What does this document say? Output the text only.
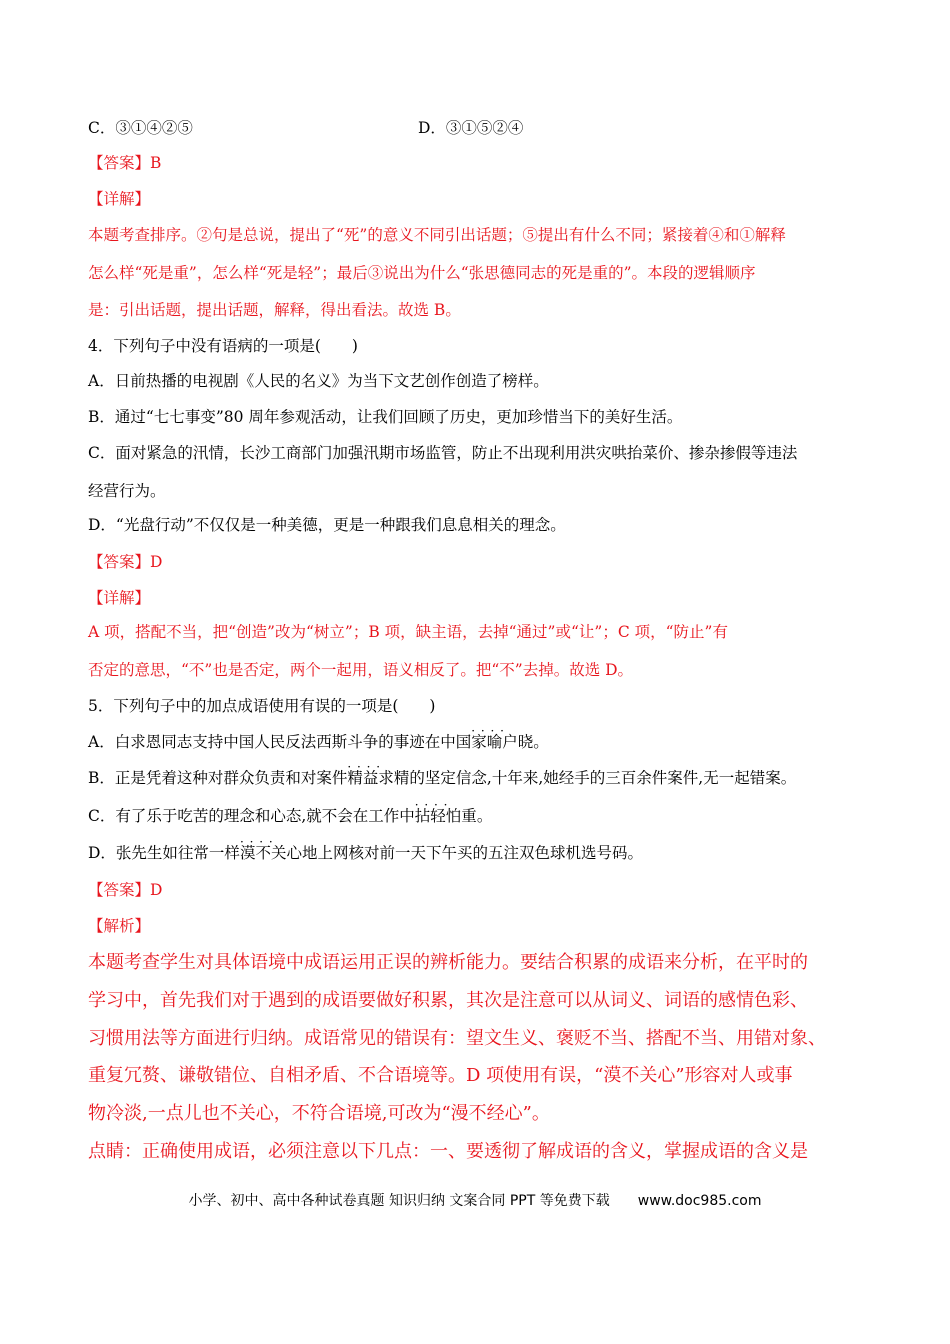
C．③①④②⑤	D．③①⑤②④
【答案】B
【详解】
本题考查排序。②句是总说，提出了“死”的意义不同引出话题；⑤提出有什么不同；紧接着④和①解释
怎么样“死是重”，怎么样“死是轻”；最后③说出为什么“张思德同志的死是重的”。本段的逻辑顺序
是：引出话题，提出话题，解释，得出看法。故选 B。
4．下列句子中没有语病的一项是(　　)
A．日前热播的电视剧《人民的名义》为当下文艺创作创造了榜样。
B．通过“七七事变”80 周年参观活动，让我们回顾了历史，更加珍惜当下的美好生活。
C．面对紧急的汛情，长沙工商部门加强汛期市场监管，防止不出现利用洪灾哄抬菜价、掺杂掺假等违法
经营行为。
D．“光盘行动”不仅仅是一种美德，更是一种跟我们息息相关的理念。
【答案】D
【详解】
A 项，搭配不当，把“创造”改为“树立”；B 项，缺主语，去掉“通过”或“让”；C 项，“防止”有
否定的意思，“不”也是否定，两个一起用，语义相反了。把“不”去掉。故选 D。
5．下列句子中的加点成语使用有误的一项是(　　)
A．白求恩同志支持中国人民反法西斯斗争的事迹在中国· · · · 家喻户晓。
B．正是凭着这种对群众负责和对案件· · · · 精益求精的坚定信念,十年来,她经手的三百余件案件,无一起错案。
C．有了乐于吃苦的理念和心态,就不会在工作中· · · · 拈轻怕重。
D．张先生如往常一样· · · · 漠不关心地上网核对前一天下午买的五注双色球机选号码。
【答案】D
【解析】
本题考查学生对具体语境中成语运用正误的辨析能力。要结合积累的成语来分析，在平时的
学习中，首先我们对于遇到的成语要做好积累，其次是注意可以从词义、词语的感情色彩、
习惯用法等方面进行归纳。成语常见的错误有：望文生义、褒贬不当、搭配不当、用错对象、
重复冗赘、谦敬错位、自相矛盾、不合语境等。D 项使用有误，“漠不关心”形容对人或事
物冷淡,一点儿也不关心，不符合语境,可改为“漫不经心”。
点睛：正确使用成语，必须注意以下几点：一、要透彻了解成语的含义，掌握成语的含义是
小学、初中、高中各种试卷真题 知识归纳 文案合同 PPT 等免费下载 www.doc985.com
